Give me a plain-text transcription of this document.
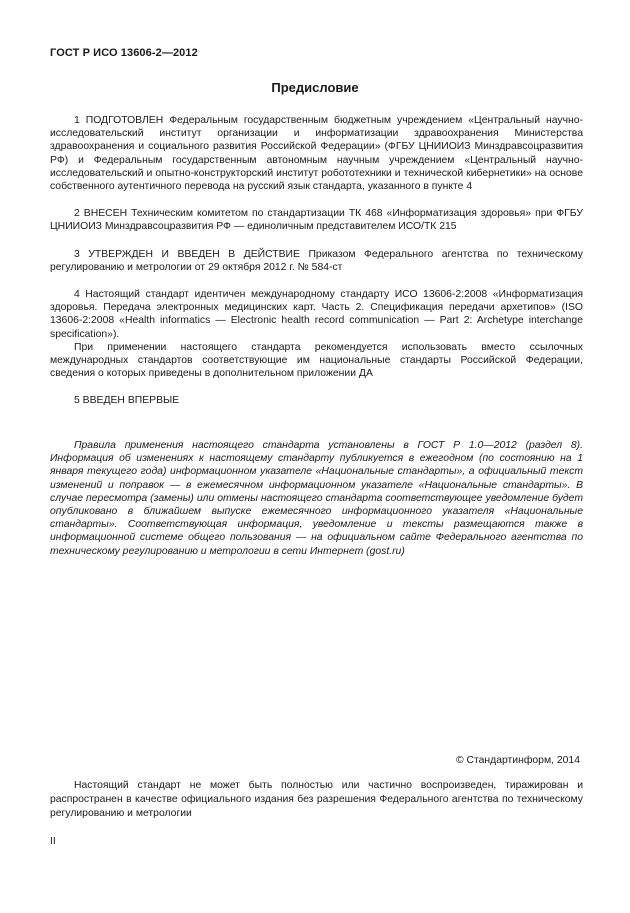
ГОСТ Р ИСО 13606-2—2012
Предисловие

1 ПОДГОТОВЛЕН Федеральным государственным бюджетным учреждением «Центральный научно-исследовательский институт организации и информатизации здравоохранения Министерства здравоохранения и социального развития Российской Федерации» (ФГБУ ЦНИИОИЗ Минздравсоцразвития РФ) и Федеральным государственным автономным научным учреждением «Центральный научно-исследовательский и опытно-конструкторский институт робототехники и технической кибернетики» на основе собственного аутентичного перевода на русский язык стандарта, указанного в пункте 4

2 ВНЕСЕН Техническим комитетом по стандартизации ТК 468 «Информатизация здоровья» при ФГБУ ЦНИИОИЗ Минздравсоцразвития РФ — единоличным представителем ИСО/ТК 215

3 УТВЕРЖДЕН И ВВЕДЕН В ДЕЙСТВИЕ Приказом Федерального агентства по техническому регулированию и метрологии от 29 октября 2012 г. № 584-ст

4 Настоящий стандарт идентичен международному стандарту ИСО 13606-2:2008 «Информатизация здоровья. Передача электронных медицинских карт. Часть 2. Спецификация передачи архетипов» (ISO 13606-2:2008 «Health informatics — Electronic health record communication — Part 2: Archetype interchange specification»).

При применении настоящего стандарта рекомендуется использовать вместо ссылочных международных стандартов соответствующие им национальные стандарты Российской Федерации, сведения о которых приведены в дополнительном приложении ДА

5 ВВЕДЕН ВПЕРВЫЕ

Правила применения настоящего стандарта установлены в ГОСТ Р 1.0—2012 (раздел 8). Информация об изменениях к настоящему стандарту публикуется в ежегодном (по состоянию на 1 января текущего года) информационном указателе «Национальные стандарты», а официальный текст изменений и поправок — в ежемесячном информационном указателе «Национальные стандарты». В случае пересмотра (замены) или отмены настоящего стандарта соответствующее уведомление будет опубликовано в ближайшем выпуске ежемесячного информационного указателя «Национальные стандарты». Соответствующая информация, уведомление и тексты размещаются также в информационной системе общего пользования — на официальном сайте Федерального агентства по техническому регулированию и метрологии в сети Интернет (gost.ru)

© Стандартинформ, 2014

Настоящий стандарт не может быть полностью или частично воспроизведен, тиражирован и распространен в качестве официального издания без разрешения Федерального агентства по техническому регулированию и метрологии

II
